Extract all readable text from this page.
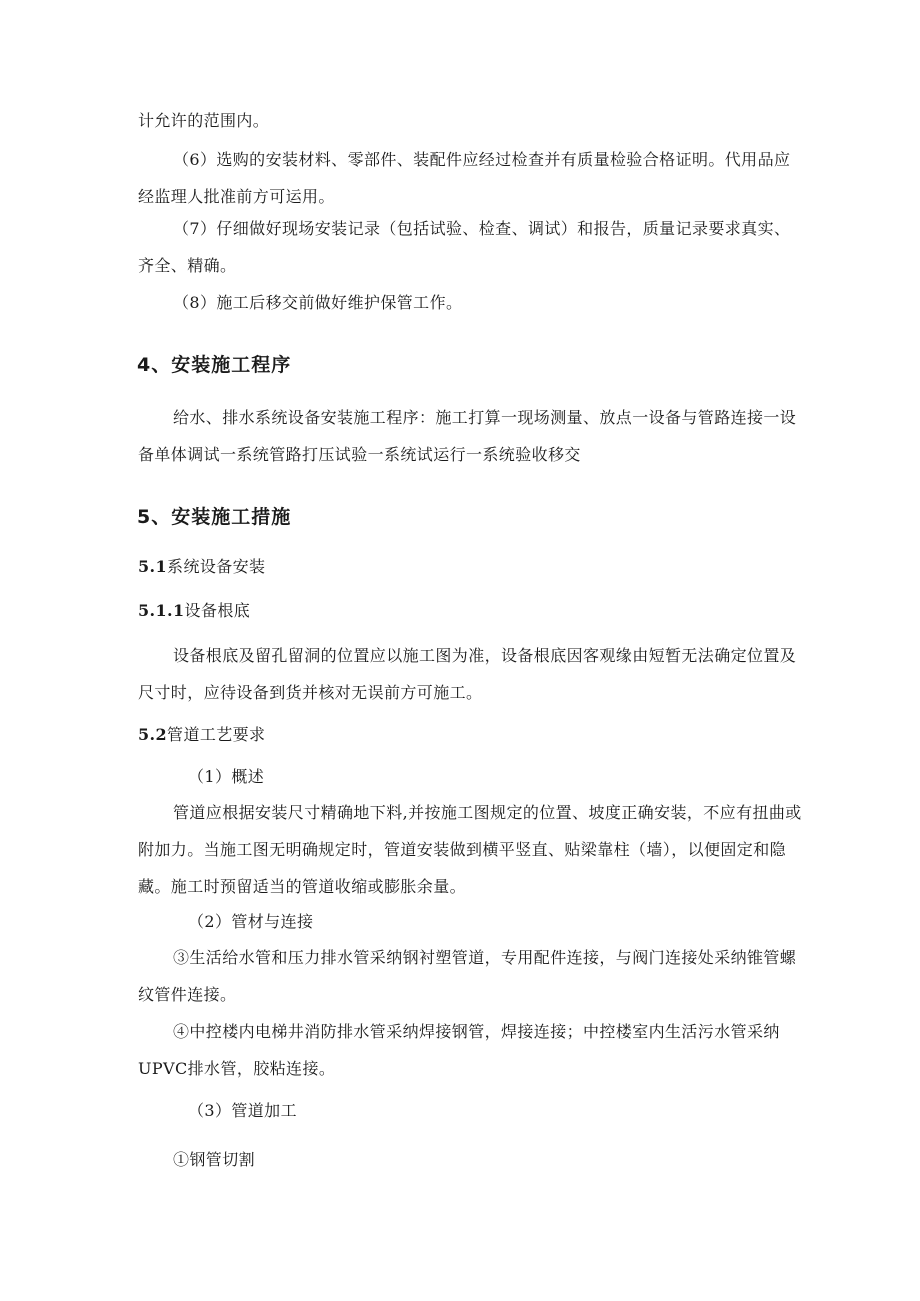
计允许的范围内。

（6）选购的安装材料、零部件、装配件应经过检查并有质量检验合格证明。代用品应经监理人批准前方可运用。

（7）仔细做好现场安装记录（包括试验、检查、调试）和报告，质量记录要求真实、齐全、精确。

（8）施工后移交前做好维护保管工作。

4、安装施工程序

给水、排水系统设备安装施工程序：施工打算一现场测量、放点一设备与管路连接一设备单体调试一系统管路打压试验一系统试运行一系统验收移交

5、安装施工措施

5.1系统设备安装

5.1.1设备根底

设备根底及留孔留洞的位置应以施工图为准，设备根底因客观缘由短暂无法确定位置及尺寸时，应待设备到货并核对无误前方可施工。

5.2管道工艺要求

（1）概述

管道应根据安装尺寸精确地下料,并按施工图规定的位置、坡度正确安装，不应有扭曲或附加力。当施工图无明确规定时，管道安装做到横平竖直、贴梁靠柱（墙），以便固定和隐藏。施工时预留适当的管道收缩或膨胀余量。

（2）管材与连接

③生活给水管和压力排水管采纳钢衬塑管道，专用配件连接，与阀门连接处采纳锥管螺纹管件连接。

④中控楼内电梯井消防排水管采纳焊接钢管，焊接连接；中控楼室内生活污水管采纳UPVC排水管，胶粘连接。

（3）管道加工

①钢管切割
